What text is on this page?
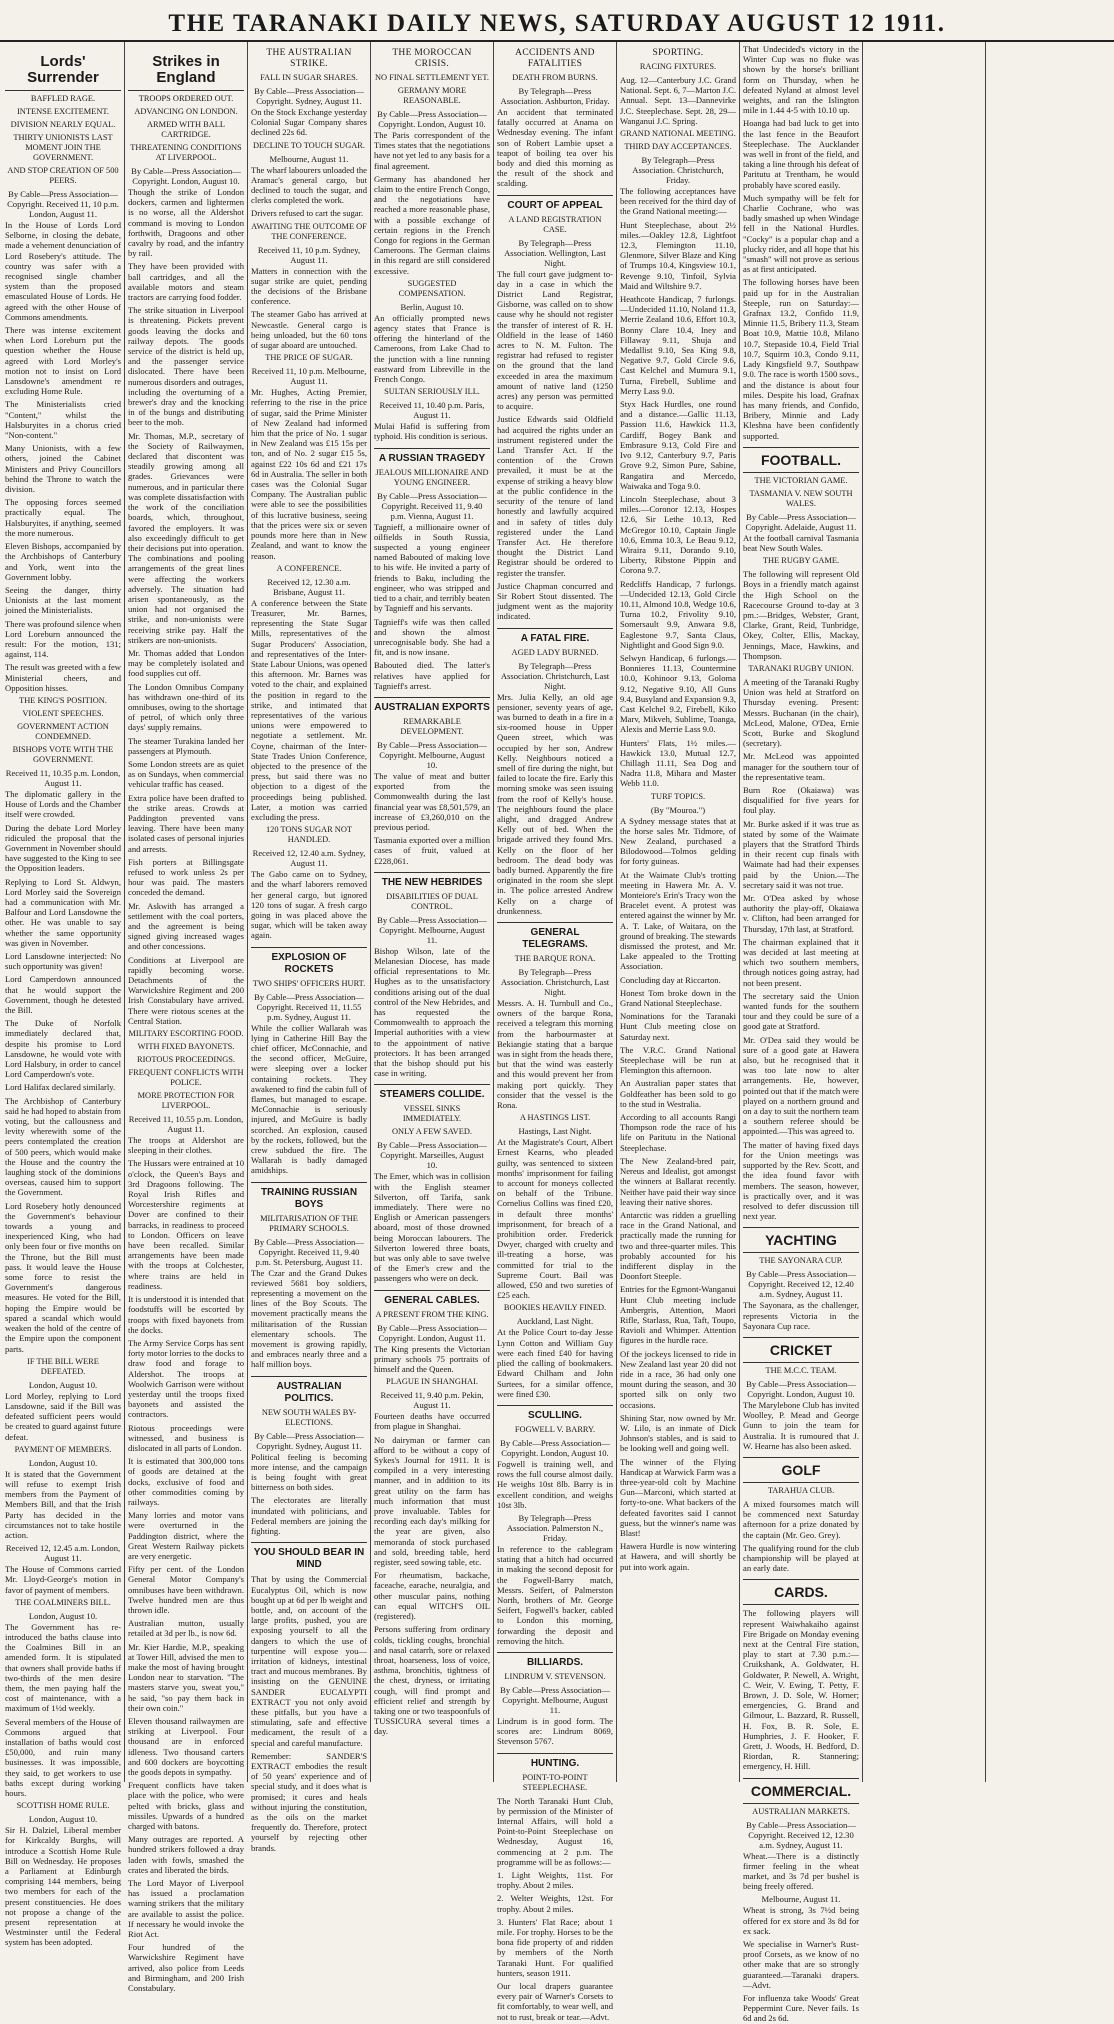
THE TARANAKI DAILY NEWS, SATURDAY AUGUST 12 1911.
Lords' Surrender
BAFFLED RAGE.
INTENSE EXCITEMENT.
DIVISION NEARLY EQUAL.
THIRTY UNIONISTS LAST MOMENT JOIN THE GOVERNMENT.
AND STOP CREATION OF 500 PEERS.
By Cable—Press Association—Copyright. Received 11, 10 p.m. London, August 11.

In the House of Lords Lord Selborne, in closing the debate, made a vehement denunciation of Lord Rosebery's attitude. The country was safer with a recognised single chamber system than the proposed emasculated House of Lords. He agreed with the other House of Commons amendments.

There was intense excitement when Lord Loreburn put the question whether the House agreed with Lord Morley's motion not to insist on Lord Lansdowne's amendment re excluding Home Rule.

The Ministerialists cried "Content," whilst the Halsburyites in a chorus cried "Non-content."

Many Unionists, with a few others, joined the Cabinet Ministers and Privy Councillors behind the Throne to watch the division.

The opposing forces seemed practically equal. The Halsburyites, if anything, seemed the more numerous.

Eleven Bishops, accompanied by the Archbishops of Canterbury and York, went into the Government lobby.

Seeing the danger, thirty Unionists at the last moment joined the Ministerialists.

There was profound silence when Lord Loreburn announced the result: For the motion, 131; against, 114.

The result was greeted with a few Ministerial cheers, and Opposition hisses.

THE KING'S POSITION.
VIOLENT SPEECHES.
GOVERNMENT ACTION CONDEMNED.
BISHOPS VOTE WITH THE GOVERNMENT.
Received 11, 10.35 p.m. London, August 11.

The diplomatic gallery in the House of Lords and the Chamber itself were crowded.

During the debate Lord Morley ridiculed the proposal that the Government in November should have suggested to the King to see the Opposition leaders.

Replying to Lord St. Aldwyn, Lord Morley said the Sovereign had a communication with Mr. Balfour and Lord Lansdowne the other. He was unable to say whether the same opportunity was given in November.

Lord Lansdowne interjected: No such opportunity was given!

Lord Camperdown announced that he would support the Government, though he detested the Bill.

The Duke of Norfolk immediately declared that, despite his promise to Lord Lansdowne, he would vote with Lord Halsbury, in order to cancel Lord Camperdown's vote.

Lord Halifax declared similarly.

The Archbishop of Canterbury said he had hoped to abstain from voting, but the callousness and levity wherewith some of the peers contemplated the creation of 500 peers, which would make the House and the country the laughing stock of the dominions overseas, caused him to support the Government.

Lord Rosebery hotly denounced the Government's behaviour towards a young and inexperienced King, who had only been four or five months on the Throne, but the Bill must pass. It would leave the House some force to resist the Government's dangerous measures. He voted for the Bill, hoping the Empire would be spared a scandal which would weaken the hold of the centre of the Empire upon the component parts.

IF THE BILL WERE DEFEATED.
London, August 10.

Lord Morley, replying to Lord Lansdowne, said if the Bill was defeated sufficient peers would be created to guard against future defeat.

PAYMENT OF MEMBERS.
London, August 10.

It is stated that the Government will refuse to exempt Irish members from the Payment of Members Bill, and that the Irish Party has decided in the circumstances not to take hostile action.

Received 12, 12.45 a.m. London, August 11.

The House of Commons carried Mr. Lloyd-George's motion in favor of payment of members.

THE COALMINERS BILL.
London, August 10.

The Government has re-introduced the baths clause into the Coalmines Bill in an amended form. It is stipulated that owners shall provide baths if two-thirds of the men desire them, the men paying half the cost of maintenance, with a maximum of 1½d weekly.

Several members of the House of Commons argued that installation of baths would cost £50,000, and ruin many businesses. It was impossible, they said, to get workers to use baths except during working hours.

SCOTTISH HOME RULE.
London, August 10.

Sir H. Dalziel, Liberal member for Kirkcaldy Burghs, will introduce a Scottish Home Rule Bill on Wednesday. He proposes a Parliament at Edinburgh comprising 144 members, being two members for each of the present constituencies. He does not propose a change of the present representation at Westminster until the Federal system has been adopted.

Strikes in England
TROOPS ORDERED OUT.
ADVANCING ON LONDON.
ARMED WITH BALL CARTRIDGE.
THREATENING CONDITIONS AT LIVERPOOL.
By Cable—Press Association—Copyright. London, August 10.

Though the strike of London dockers, carmen and lightermen is no worse, all the Aldershot command is moving to London forthwith, Dragoons and other cavalry by road, and the infantry by rail.

They have been provided with ball cartridges, and all the available motors and steam tractors are carrying food fodder.

The strike situation in Liverpool is threatening. Pickets prevent goods leaving the docks and railway depots. The goods service of the district is held up, and the passenger service dislocated. There have been numerous disorders and outrages, including the overturning of a brewer's dray and the knocking in of the bungs and distributing beer to the mob.

Mr. Thomas, M.P., secretary of the Society of Railwaymen, declared that discontent was steadily growing among all grades. Grievances were numerous, and in particular there was complete dissatisfaction with the work of the conciliation boards, which, throughout, favored the employers. It was also exceedingly difficult to get their decisions put into operation. The combinations and pooling arrangements of the great lines were affecting the workers adversely. The situation had arisen spontaneously, as the union had not organised the strike, and non-unionists were receiving strike pay. Half the strikers are non-unionists.

Mr. Thomas added that London may be completely isolated and food supplies cut off.

The London Omnibus Company has withdrawn one-third of its omnibuses, owing to the shortage of petrol, of which only three days' supply remains.

The steamer Turakina landed her passengers at Plymouth.

Some London streets are as quiet as on Sundays, when commercial vehicular traffic has ceased.

Extra police have been drafted to the strike areas. Crowds at Paddington prevented vans leaving. There have been many isolated cases of personal injuries and arrests.

Fish porters at Billingsgate refused to work unless 2s per hour was paid. The masters conceded the demand.

Mr. Askwith has arranged a settlement with the coal porters, and the agreement is being signed giving increased wages and other concessions.

Conditions at Liverpool are rapidly becoming worse. Detachments of the Warwickshire Regiment and 200 Irish Constabulary have arrived. There were riotous scenes at the Central Station.

MILITARY ESCORTING FOOD.
WITH FIXED BAYONETS.
RIOTOUS PROCEEDINGS.
FREQUENT CONFLICTS WITH POLICE.
MORE PROTECTION FOR LIVERPOOL.
Received 11, 10.55 p.m. London, August 11.

The troops at Aldershot are sleeping in their clothes.

The Hussars were entrained at 10 o'clock, the Queen's Bays and 3rd Dragoons following. The Royal Irish Rifles and Worcestershire regiments at Dover are confined to their barracks, in readiness to proceed to London. Officers on leave have been recalled. Similar arrangements have been made with the troops at Colchester, where trains are held in readiness.

It is understood it is intended that foodstuffs will be escorted by troops with fixed bayonets from the docks.

The Army Service Corps has sent forty motor lorries to the docks to draw food and forage to Aldershot. The troops at Woolwich Garrison were without yesterday until the troops fixed bayonets and assisted the contractors.

Riotous proceedings were witnessed, and business is dislocated in all parts of London.

It is estimated that 300,000 tons of goods are detained at the docks, exclusive of food and other commodities coming by railways.

Many lorries and motor vans were overturned in the Paddington district, where the Great Western Railway pickets are very energetic.

Fifty per cent. of the London General Motor Company's omnibuses have been withdrawn. Twelve hundred men are thus thrown idle.

Australian mutton, usually retailed at 3d per lb., is now 6d.

Mr. Kier Hardie, M.P., speaking at Tower Hill, advised the men to make the most of having brought London near to starvation. "The masters starve you, sweat you," he said, "so pay them back in their own coin."

Eleven thousand railwaymen are striking at Liverpool. Four thousand are in enforced idleness. Two thousand carters and 600 dockers are boycotting the goods depots in sympathy.

Frequent conflicts have taken place with the police, who were pelted with bricks, glass and missiles. Upwards of a hundred charged with batons.

Many outrages are reported. A hundred strikers followed a dray laden with fowls, smashed the crates and liberated the birds.

The Lord Mayor of Liverpool has issued a proclamation warning strikers that the military are available to assist the police. If necessary he would invoke the Riot Act.

Four hundred of the Warwickshire Regiment have arrived, also police from Leeds and Birmingham, and 200 Irish Constabulary.

THE AUSTRALIAN STRIKE.
FALL IN SUGAR SHARES.
By Cable—Press Association—Copyright. Sydney, August 11.

On the Stock Exchange yesterday Colonial Sugar Company shares declined 22s 6d.

DECLINE TO TOUCH SUGAR.
Melbourne, August 11.

The wharf labourers unloaded the Aramac's general cargo, but declined to touch the sugar, and clerks completed the work.

Drivers refused to cart the sugar.

AWAITING THE OUTCOME OF THE CONFERENCE.
Received 11, 10 p.m. Sydney, August 11.

Matters in connection with the sugar strike are quiet, pending the decisions of the Brisbane conference.

The steamer Gabo has arrived at Newcastle. General cargo is being unloaded, but the 60 tons of sugar aboard are untouched.

THE PRICE OF SUGAR.
Received 11, 10 p.m. Melbourne, August 11.

Mr. Hughes, Acting Premier, referring to the rise in the price of sugar, said the Prime Minister of New Zealand had informed him that the price of No. 1 sugar in New Zealand was £15 15s per ton, and of No. 2 sugar £15 5s, against £22 10s 6d and £21 17s 6d in Australia. The seller in both cases was the Colonial Sugar Company. The Australian public were able to see the possibilities of this lucrative business, seeing that the prices were six or seven pounds more here than in New Zealand, and want to know the reason.

A CONFERENCE.
Received 12, 12.30 a.m. Brisbane, August 11.

A conference between the State Treasurer, Mr. Barnes, representing the State Sugar Mills, representatives of the Sugar Producers' Association, and representatives of the Inter-State Labour Unions, was opened this afternoon. Mr. Barnes was voted to the chair, and explained the position in regard to the strike, and intimated that representatives of the various unions were empowered to negotiate a settlement. Mr. Coyne, chairman of the Inter-State Trades Union Conference, objected to the presence of the press, but said there was no objection to a digest of the proceedings being published. Later, a motion was carried excluding the press.

120 TONS SUGAR NOT HANDLED.
Received 12, 12.40 a.m. Sydney, August 11.

The Gabo came on to Sydney, and the wharf laborers removed her general cargo, but ignored 120 tons of sugar. A fresh cargo going in was placed above the sugar, which will be taken away again.

EXPLOSION OF ROCKETS
TWO SHIPS' OFFICERS HURT.
By Cable—Press Association—Copyright. Received 11, 11.55 p.m. Sydney, August 11.

While the collier Wallarah was lying in Catherine Hill Bay the chief officer, McConnachie, and the second officer, McGuire, were sleeping over a locker containing rockets. They awakened to find the cabin full of flames, but managed to escape. McConnachie is seriously injured, and McGuire is badly scorched. An explosion, caused by the rockets, followed, but the crew subdued the fire. The Wallarah is badly damaged amidships.

TRAINING RUSSIAN BOYS
MILITARISATION OF THE PRIMARY SCHOOLS.
By Cable—Press Association—Copyright. Received 11, 9.40 p.m. St. Petersburg, August 11.

The Czar and the Grand Dukes reviewed 5681 boy soldiers, representing a movement on the lines of the Boy Scouts. The movement practically means the militarisation of the Russian elementary schools. The movement is growing rapidly, and embraces nearly three and a half million boys.

AUSTRALIAN POLITICS.
NEW SOUTH WALES BY-ELECTIONS.
By Cable—Press Association—Copyright. Sydney, August 11.

Political feeling is becoming more intense, and the campaign is being fought with great bitterness on both sides.

The electorates are literally inundated with politicians, and Federal members are joining the fighting.

YOU SHOULD BEAR IN MIND

That by using the Commercial Eucalyptus Oil, which is now bought up at 6d per lb weight and bottle, and, on account of the large profits, pushed, you are exposing yourself to all the dangers to which the use of turpentine will expose you—irritation of kidneys, intestinal tract and mucous membranes. By insisting on the GENUINE SANDER EUCALYPTI EXTRACT you not only avoid these pitfalls, but you have a stimulating, safe and effective medicament, the result of a special and careful manufacture.

Remember: SANDER'S EXTRACT embodies the result of 50 years' experience and of special study, and it does what is promised; it cures and heals without injuring the constitution, as the oils on the market frequently do. Therefore, protect yourself by rejecting other brands.

THE MOROCCAN CRISIS.
NO FINAL SETTLEMENT YET.
GERMANY MORE REASONABLE.
By Cable—Press Association—Copyright. London, August 10.

The Paris correspondent of the Times states that the negotiations have not yet led to any basis for a final agreement.

Germany has abandoned her claim to the entire French Congo, and the negotiations have reached a more reasonable phase, with a possible exchange of certain regions in the French Congo for regions in the German Cameroons. The German claims in this regard are still considered excessive.

SUGGESTED COMPENSATION.
Berlin, August 10.

An officially prompted news agency states that France is offering the hinterland of the Cameroons, from Lake Chad to the junction with a line running eastward from Libreville in the French Congo.

SULTAN SERIOUSLY ILL.
Received 11, 10.40 p.m. Paris, August 11.

Mulai Hafid is suffering from typhoid. His condition is serious.

A RUSSIAN TRAGEDY
JEALOUS MILLIONAIRE AND YOUNG ENGINEER.
By Cable—Press Association—Copyright. Received 11, 9.40 p.m. Vienna, August 11.

Tagnieff, a millionaire owner of oilfields in South Russia, suspected a young engineer named Babouted of making love to his wife. He invited a party of friends to Baku, including the engineer, who was stripped and tied to a chair, and terribly beaten by Tagnieff and his servants.

Tagnieff's wife was then called and shown the almost unrecognisable body. She had a fit, and is now insane.

Babouted died. The latter's relatives have applied for Tagnieff's arrest.

AUSTRALIAN EXPORTS
REMARKABLE DEVELOPMENT.
By Cable—Press Association—Copyright. Melbourne, August 10.

The value of meat and butter exported from the Commonwealth during the last financial year was £8,501,579, an increase of £3,260,010 on the previous period.

Tasmania exported over a million cases of fruit, valued at £228,061.

THE NEW HEBRIDES
DISABILITIES OF DUAL CONTROL.
By Cable—Press Association—Copyright. Melbourne, August 11.

Bishop Wilson, late of the Melanesian Diocese, has made official representations to Mr. Hughes as to the unsatisfactory conditions arising out of the dual control of the New Hebrides, and has requested the Commonwealth to approach the Imperial authorities with a view to the appointment of native protectors. It has been arranged that the bishop should put his case in writing.

STEAMERS COLLIDE.
VESSEL SINKS IMMEDIATELY.
ONLY A FEW SAVED.
By Cable—Press Association—Copyright. Marseilles, August 10.

The Emer, which was in collision with the English steamer Silverton, off Tarifa, sank immediately. There were no English or American passengers aboard, most of those drowned being Moroccan labourers. The Silverton lowered three boats, but was only able to save twelve of the Emer's crew and the passengers who were on deck.

GENERAL CABLES.
A PRESENT FROM THE KING.
By Cable—Press Association—Copyright. London, August 11.

The King presents the Victorian primary schools 75 portraits of himself and the Queen.

PLAGUE IN SHANGHAI.
Received 11, 9.40 p.m. Pekin, August 11.

Fourteen deaths have occurred from plague in Shanghai.

No dairyman or farmer can afford to be without a copy of Sykes's Journal for 1911. It is compiled in a very interesting manner, and in addition to its great utility on the farm has much information that must prove invaluable. Tables for recording each day's milking for the year are given, also memoranda of stock purchased and sold, breeding table, herd register, seed sowing table, etc.

For rheumatism, backache, faceache, earache, neuralgia, and other muscular pains, nothing can equal WITCH'S OIL (registered).

Persons suffering from ordinary colds, tickling coughs, bronchial and nasal catarrh, sore or relaxed throat, hoarseness, loss of voice, asthma, bronchitis, tightness of the chest, dryness, or irritating cough, will find prompt and efficient relief and strength by taking one or two teaspoonfuls of TUSSICURA several times a day.

ACCIDENTS AND FATALITIES
DEATH FROM BURNS.
By Telegraph—Press Association. Ashburton, Friday.

An accident that terminated fatally occurred at Anama on Wednesday evening. The infant son of Robert Lambie upset a teapot of boiling tea over his body and died this morning as the result of the shock and scalding.

COURT OF APPEAL
A LAND REGISTRATION CASE.
By Telegraph—Press Association. Wellington, Last Night.

The full court gave judgment to-day in a case in which the District Land Registrar, Gisborne, was called on to show cause why he should not register the transfer of interest of R. H. Oldfield in the lease of 1460 acres to N. M. Fulton. The registrar had refused to register on the ground that the land exceeded in area the maximum amount of native land (1250 acres) any person was permitted to acquire.

Justice Edwards said Oldfield had acquired the rights under an instrument registered under the Land Transfer Act. If the contention of the Crown prevailed, it must be at the expense of striking a heavy blow at the public confidence in the security of the tenure of land honestly and lawfully acquired and in safety of titles duly registered under the Land Transfer Act. He therefore thought the District Land Registrar should be ordered to register the transfer.

Justice Chapman concurred and Sir Robert Stout dissented. The judgment went as the majority indicated.

A FATAL FIRE.
AGED LADY BURNED.
By Telegraph—Press Association. Christchurch, Last Night.

Mrs. Julia Kelly, an old age pensioner, seventy years of age, was burned to death in a fire in a six-roomed house in Upper Queen street, which was occupied by her son, Andrew Kelly. Neighbours noticed a smell of fire during the night, but failed to locate the fire. Early this morning smoke was seen issuing from the roof of Kelly's house. The neighbours found the place alight, and dragged Andrew Kelly out of bed. When the brigade arrived they found Mrs. Kelly on the floor of her bedroom. The dead body was badly burned. Apparently the fire originated in the room she slept in. The police arrested Andrew Kelly on a charge of drunkenness.

GENERAL TELEGRAMS.
THE BARQUE RONA.
By Telegraph—Press Association. Christchurch, Last Night.

Messrs. A. H. Turnbull and Co., owners of the barque Rona, received a telegram this morning from the harbourmaster at Bekiangie stating that a barque was in sight from the heads there, but that the wind was easterly and this would prevent her from making port quickly. They consider that the vessel is the Rona.

A HASTINGS LIST.
Hastings, Last Night.

At the Magistrate's Court, Albert Ernest Kearns, who pleaded guilty, was sentenced to sixteen months' imprisonment for failing to account for moneys collected on behalf of the Tribune. Cornelius Collins was fined £20, in default three months' imprisonment, for breach of a prohibition order. Frederick Dwyer, charged with cruelty and ill-treating a horse, was committed for trial to the Supreme Court. Bail was allowed, £50 and two sureties of £25 each.

BOOKIES HEAVILY FINED.
Auckland, Last Night.

At the Police Court to-day Jesse Lynn Cotton and William Guy were each fined £40 for having plied the calling of bookmakers. Edward Chilham and John Surtees, for a similar offence, were fined £30.

SCULLING.
FOGWELL V. BARRY.
By Cable—Press Association—Copyright. London, August 10.

Fogwell is training well, and rows the full course almost daily. He weighs 10st 8lb. Barry is in excellent condition, and weighs 10st 3lb.

By Telegraph—Press Association. Palmerston N., Friday.

In reference to the cablegram stating that a hitch had occurred in making the second deposit for the Fogwell-Barry match, Messrs. Seifert, of Palmerston North, brothers of Mr. George Seifert, Fogwell's backer, cabled to London this morning, forwarding the deposit and removing the hitch.

BILLIARDS.
LINDRUM V. STEVENSON.
By Cable—Press Association—Copyright. Melbourne, August 11.

Lindrum is in good form. The scores are: Lindrum 8069, Stevenson 5767.

HUNTING.
POINT-TO-POINT STEEPLECHASE.

The North Taranaki Hunt Club, by permission of the Minister of Internal Affairs, will hold a Point-to-Point Steeplechase on Wednesday, August 16, commencing at 2 p.m. The programme will be as follows:—

1. Light Weights, 11st. For trophy. About 2 miles.

2. Welter Weights, 12st. For trophy. About 2 miles.

3. Hunters' Flat Race; about 1 mile. For trophy. Horses to be the bona fide property of and ridden by members of the North Taranaki Hunt. For qualified hunters, season 1911.

Our local drapers guarantee every pair of Warner's Corsets to fit comfortably, to wear well, and not to rust, break or tear.—Advt.

SPORTING.
RACING FIXTURES.

Aug. 12—Canterbury J.C. Grand National. Sept. 6, 7—Marton J.C. Annual. Sept. 13—Dannevirke J.C. Steeplechase. Sept. 28, 29—Wanganui J.C. Spring.

GRAND NATIONAL MEETING.
THIRD DAY ACCEPTANCES.
By Telegraph—Press Association. Christchurch, Friday.

The following acceptances have been received for the third day of the Grand National meeting:—

Hunt Steeplechase, about 2½ miles.—Oakley 12.8, Lightfoot 12.3, Flemington 11.10, Glenmore, Silver Blaze and King of Trumps 10.4, Kingsview 10.1, Revenge 9.10, Tinfoil, Sylvia Maid and Wiltshire 9.7.

Heathcote Handicap, 7 furlongs.—Undecided 11.10, Noland 11.3, Merrie Zealand 10.6, Effort 10.3, Bonny Clare 10.4, Iney and Fillaway 9.11, Shuja and Medallist 9.10, Sea King 9.8, Negative 9.7, Gold Circle 9.6, Cast Kelchel and Mumura 9.1, Turna, Firebell, Sublime and Merry Lass 9.0.

Styx Hack Hurdles, one round and a distance.—Gallic 11.13, Passion 11.6, Hawkick 11.3, Cardiff, Bogey Bank and Embrasure 9.13, Cold Fire and Ivo 9.12, Canterbury 9.7, Paris Grove 9.2, Simon Pure, Sabine, Rangatira and Mercedo, Waiwaka and Toga 9.0.

Lincoln Steeplechase, about 3 miles.—Coronor 12.13, Hospes 12.6, Sir Lethe 10.13, Red McGregor 10.10, Captain Jingle 10.6, Emma 10.3, Le Beau 9.12, Wiraira 9.11, Dorando 9.10, Liberty, Ribstone Pippin and Corona 9.7.

Redcliffs Handicap, 7 furlongs.—Undecided 12.13, Gold Circle 10.11, Almond 10.8, Wedge 10.6, Turna 10.2, Frivolity 9.10, Somersault 9.9, Anwara 9.8, Eaglestone 9.7, Santa Claus, Nightlight and Good Sign 9.0.

Selwyn Handicap, 6 furlongs.—Bonnieres 11.13, Countermine 10.0, Kohinoor 9.13, Goloma 9.12, Negative 9.10, All Guns 9.4, Busyland and Expansion 9.3, Cast Kelchel 9.2, Firebell, Kiko Marv, Mikveh, Sublime, Toanga, Alexis and Merrie Lass 9.0.

Hunters' Flats, 1½ miles.—Hawkick 13.0, Mutual 12.7, Chillagh 11.11, Sea Dog and Nadra 11.8, Mihara and Master Webb 11.0.

TURF TOPICS.
(By "Mouroa.")

A Sydney message states that at the horse sales Mr. Tidmore, of New Zealand, purchased a Bilodowood—Tolmos gelding for forty guineas.

At the Waimate Club's trotting meeting in Hawera Mr. A. V. Monteiore's Erin's Tracy won the Bracelet event. A protest was entered against the winner by Mr. A. T. Lake, of Waitara, on the ground of breaking. The stewards dismissed the protest, and Mr. Lake appealed to the Trotting Association.

Concluding day at Riccarton.

Honest Tom broke down in the Grand National Steeplechase.

Nominations for the Taranaki Hunt Club meeting close on Saturday next.

The V.R.C. Grand National Steeplechase will be run at Flemington this afternoon.

An Australian paper states that Goldfeather has been sold to go to the stud in Westralia.

According to all accounts Rangi Thompson rode the race of his life on Paritutu in the National Steeplechase.

The New Zealand-bred pair, Nereus and Idealist, got amongst the winners at Ballarat recently. Neither have paid their way since leaving their native shores.

Antarctic was ridden a gruelling race in the Grand National, and practically made the running for two and three-quarter miles. This probably accounted for his indifferent display in the Doonfort Steeple.

Entries for the Egmont-Wanganui Hunt Club meeting include Ambergris, Attention, Maori Rifle, Starlass, Rua, Taft, Toupo, Ravioli and Whimper. Attention figures in the hurdle race.

Of the jockeys licensed to ride in New Zealand last year 20 did not ride in a race, 36 had only one mount during the season, and 30 sported silk on only two occasions.

Shining Star, now owned by Mr. W. Lilo, is an inmate of Dick Johnson's stables, and is said to be looking well and going well.

The winner of the Flying Handicap at Warwick Farm was a three-year-old colt by Machine Gun—Marconi, which started at forty-to-one. What backers of the defeated favorites said I cannot guess, but the winner's name was Blast!

Hawera Hurdle is now wintering at Hawera, and will shortly be put into work again.

That Undecided's victory in the Winter Cup was no fluke was shown by the horse's brilliant form on Thursday, when he defeated Nyland at almost level weights, and ran the Islington mile in 1.44 4-5 with 10.10 up.

Hoanga had bad luck to get into the last fence in the Beaufort Steeplechase. The Aucklander was well in front of the field, and taking a line through his defeat of Paritutu at Trentham, he would probably have scored easily.

Much sympathy will be felt for Charlie Cochrane, who was badly smashed up when Windage fell in the National Hurdles. "Cocky" is a popular chap and a plucky rider, and all hope that his "smash" will not prove as serious as at first anticipated.

The following horses have been paid up for in the Australian Steeple, run on Saturday:—Grafnax 13.2, Confido 11.9, Minnie 11.5, Bribery 11.3, Steam Boat 10.9, Mattie 10.8, Milano 10.7, Stepaside 10.4, Field Trial 10.7, Squirm 10.3, Condo 9.11, Lady Kingsfield 9.7, Southpaw 9.0. The race is worth 1500 sovs., and the distance is about four miles. Despite his load, Grafnax has many friends, and Confido, Bribery, Minnie and Lady Kleshna have been confidently supported.

FOOTBALL.
THE VICTORIAN GAME.
TASMANIA V. NEW SOUTH WALES.
By Cable—Press Association—Copyright. Adelaide, August 11.

At the football carnival Tasmania beat New South Wales.

THE RUGBY GAME.

The following will represent Old Boys in a friendly match against the High School on the Racecourse Ground to-day at 3 pm.:—Bridges, Webster, Grant, Clarke, Grant, Reid, Tunbridge, Okey, Colter, Ellis, Mackay, Jennings, Mace, Hawkins, and Thompson.

TARANAKI RUGBY UNION.

A meeting of the Taranaki Rugby Union was held at Stratford on Thursday evening. Present: Messrs. Buchanan (in the chair), McLeod, Malone, O'Dea, Ernie Scott, Burke and Skoglund (secretary).

Mr. McLeod was appointed manager for the southern tour of the representative team.

Burn Roe (Okaiawa) was disqualified for five years for foul play.

Mr. Burke asked if it was true as stated by some of the Waimate players that the Stratford Thirds in their recent cup finals with Waimate had had their expenses paid by the Union.—The secretary said it was not true.

Mr. O'Dea asked by whose authority the play-off, Okaiawa v. Clifton, had been arranged for Thursday, 17th last, at Stratford.

The chairman explained that it was decided at last meeting at which two southern members, through notices going astray, had not been present.

The secretary said the Union wanted funds for the southern tour and they could be sure of a good gate at Stratford.

Mr. O'Dea said they would be sure of a good gate at Hawera also, but he recognised that it was too late now to alter arrangements. He, however, pointed out that if the match were played on a northern ground and on a day to suit the northern team a southern referee should be appointed.—This was agreed to.

The matter of having fixed days for the Union meetings was supported by the Rev. Scott, and the idea found favor with members. The season, however, is practically over, and it was resolved to defer discussion till next year.

YACHTING
THE SAYONARA CUP.
By Cable—Press Association—Copyright. Received 12, 12.40 a.m. Sydney, August 11.

The Sayonara, as the challenger, represents Victoria in the Sayonara Cup race.

CRICKET
THE M.C.C. TEAM.
By Cable—Press Association—Copyright. London, August 10.

The Marylebone Club has invited Woolley, P. Mead and George Gunn to join the team for Australia. It is rumoured that J. W. Hearne has also been asked.

GOLF
TARAHUA CLUB.

A mixed foursomes match will be commenced next Saturday afternoon for a prize donated by the captain (Mr. Geo. Grey).

The qualifying round for the club championship will be played at an early date.

CARDS.

The following players will represent Waiwhakaiho against Fire Brigade on Monday evening next at the Central Fire station, play to start at 7.30 p.m.:—Cruikshank, A. Goldwater, H. Goldwater, P. Newell, A. Wright, C. Weir, V. Ewing, T. Petty, F. Brown, J. D. Sole, W. Horner; emergencies, G. Brand and Gilmour, L. Bazzard, R. Russell, H. Fox, B. R. Sole, E. Humphries, J. F. Hooker, F. Grett, J. Woods, H. Bedford, D. Riordan, R. Stannering; emergency, H. Hill.

COMMERCIAL.
AUSTRALIAN MARKETS.
By Cable—Press Association—Copyright. Received 12, 12.30 a.m. Sydney, August 11.

Wheat.—There is a distinctly firmer feeling in the wheat market, and 3s 7d per bushel is being freely offered.

Melbourne, August 11.

Wheat is strong, 3s 7½d being offered for ex store and 3s 8d for ex sack.

We specialise in Warner's Rust-proof Corsets, as we know of no other make that are so strongly guaranteed.—Taranaki drapers.—Advt.

For influenza take Woods' Great Peppermint Cure. Never fails. 1s 6d and 2s 6d.
